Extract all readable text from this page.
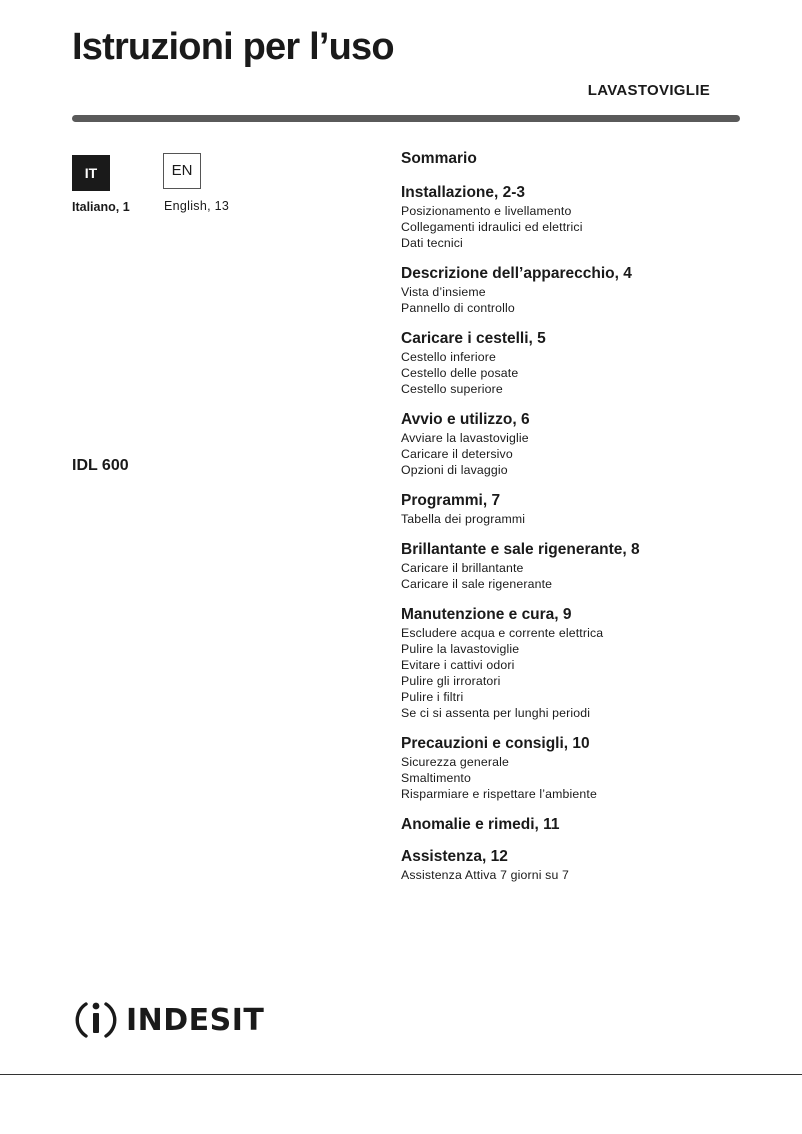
Istruzioni per l’uso
LAVASTOVIGLIE
IT	EN
Italiano, 1	English, 13
IDL 600
Sommario
Installazione, 2-3
Posizionamento e livellamento
Collegamenti idraulici ed elettrici
Dati tecnici
Descrizione dell’apparecchio, 4
Vista d’insieme
Pannello di controllo
Caricare i cestelli, 5
Cestello inferiore
Cestello delle posate
Cestello superiore
Avvio e utilizzo, 6
Avviare la lavastoviglie
Caricare il detersivo
Opzioni di lavaggio
Programmi, 7
Tabella dei programmi
Brillantante e sale rigenerante, 8
Caricare il brillantante
Caricare il sale rigenerante
Manutenzione e cura, 9
Escludere acqua e corrente elettrica
Pulire la lavastoviglie
Evitare i cattivi odori
Pulire gli irroratori
Pulire i filtri
Se ci si assenta per lunghi periodi
Precauzioni e consigli, 10
Sicurezza generale
Smaltimento
Risparmiare e rispettare l’ambiente
Anomalie e rimedi, 11
Assistenza, 12
Assistenza Attiva 7 giorni su 7
INDESIT
